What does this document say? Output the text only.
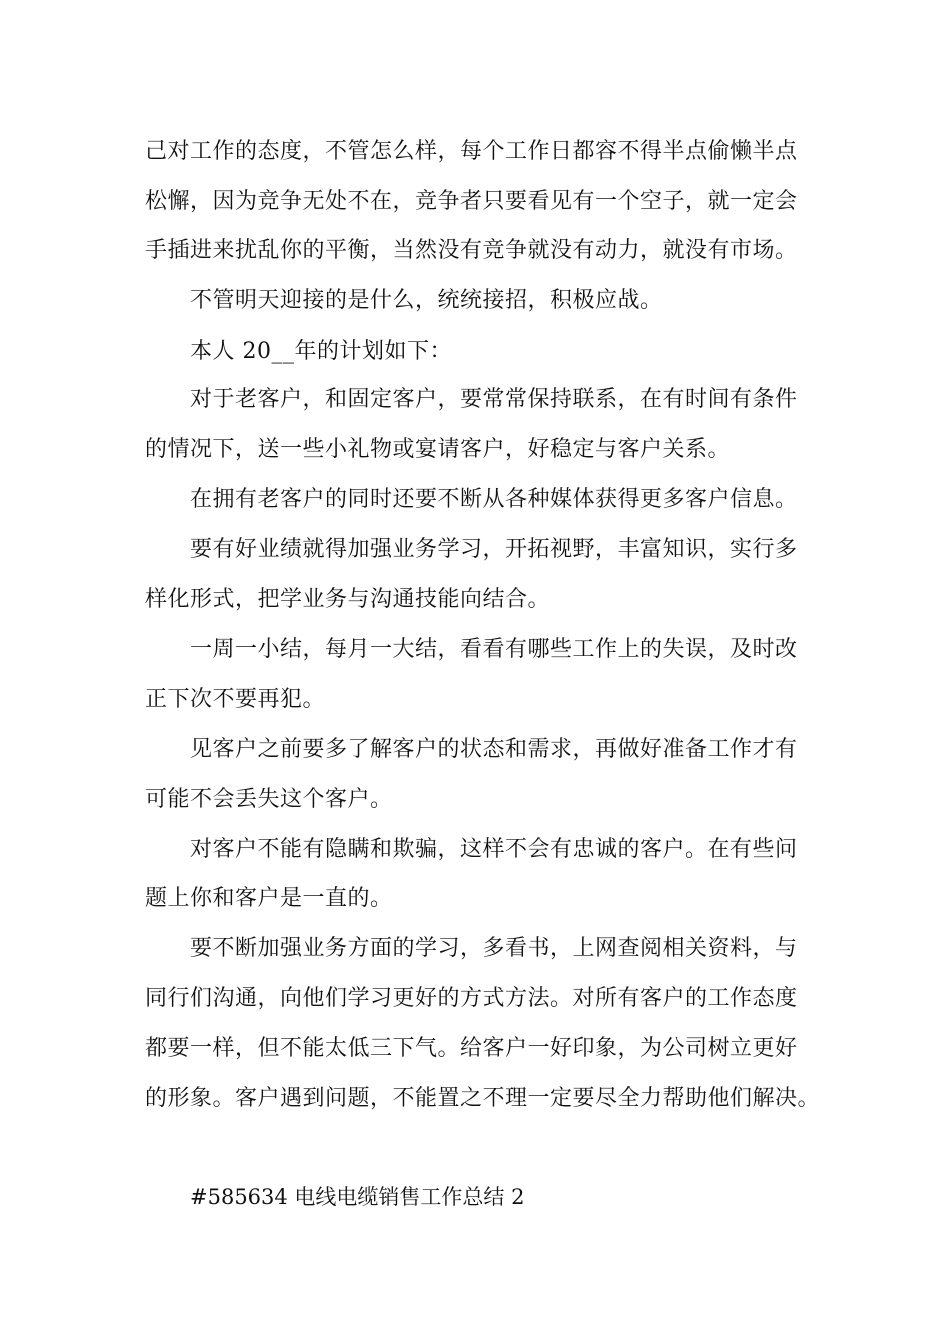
己对工作的态度，不管怎么样，每个工作日都容不得半点偷懒半点
松懈，因为竞争无处不在，竞争者只要看见有一个空子，就一定会
手插进来扰乱你的平衡，当然没有竞争就没有动力，就没有市场。
不管明天迎接的是什么，统统接招，积极应战。
本人 20__年的计划如下：
对于老客户，和固定客户，要常常保持联系，在有时间有条件
的情况下，送一些小礼物或宴请客户，好稳定与客户关系。
在拥有老客户的同时还要不断从各种媒体获得更多客户信息。
要有好业绩就得加强业务学习，开拓视野，丰富知识，实行多
样化形式，把学业务与沟通技能向结合。
一周一小结，每月一大结，看看有哪些工作上的失误，及时改
正下次不要再犯。
见客户之前要多了解客户的状态和需求，再做好准备工作才有
可能不会丢失这个客户。
对客户不能有隐瞒和欺骗，这样不会有忠诚的客户。在有些问
题上你和客户是一直的。
要不断加强业务方面的学习，多看书，上网查阅相关资料，与
同行们沟通，向他们学习更好的方式方法。对所有客户的工作态度
都要一样，但不能太低三下气。给客户一好印象，为公司树立更好
的形象。客户遇到问题，不能置之不理一定要尽全力帮助他们解决。
#585634 电线电缆销售工作总结 2
